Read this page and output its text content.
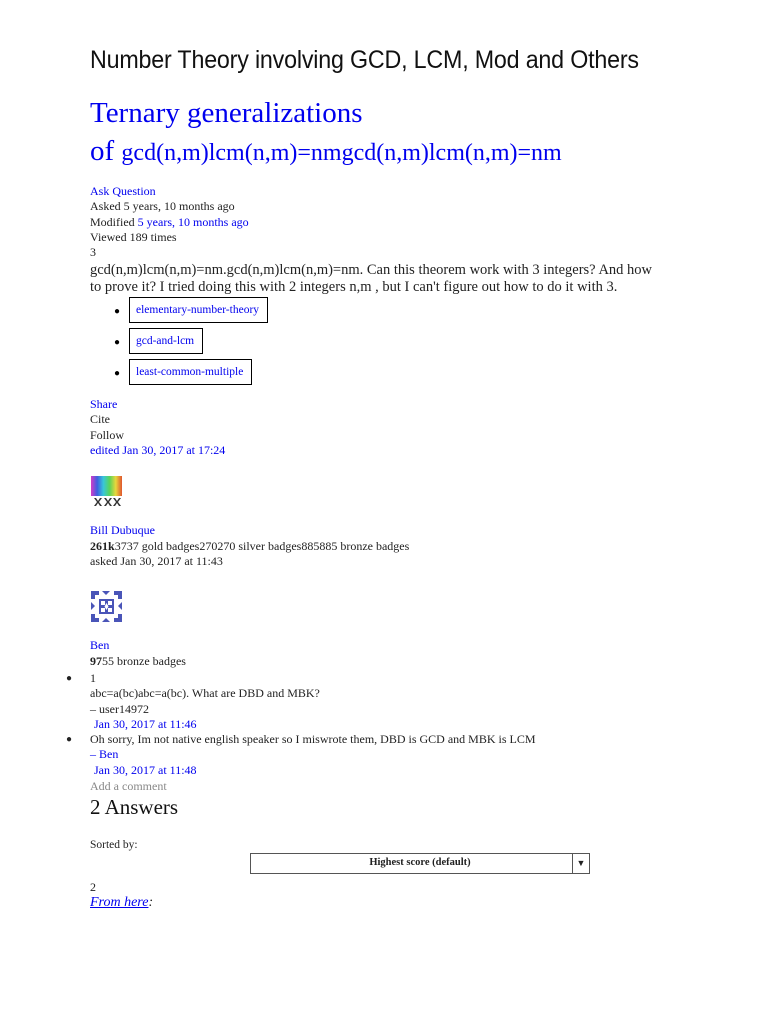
Number Theory involving GCD, LCM, Mod and Others
Ternary generalizations
of gcd(n,m)lcm(n,m)=nmgcd(n,m)lcm(n,m)=nm
Ask Question
Asked 5 years, 10 months ago
Modified 5 years, 10 months ago
Viewed 189 times
3
gcd(n,m)lcm(n,m)=nm.gcd(n,m)lcm(n,m)=nm. Can this theorem work with 3 integers? And how
to prove it? I tried doing this with 2 integers n,m , but I can't figure out how to do it with 3.
●	elementary-number-theory
●	gcd-and-lcm
●	least-common-multiple
Share
Cite
Follow
edited Jan 30, 2017 at 17:24
Bill Dubuque
261k3737 gold badges270270 silver badges885885 bronze badges
asked Jan 30, 2017 at 11:43
Ben
9755 bronze badges
● 1
abc=a(bc)abc=a(bc). What are DBD and MBK?
– user14972
Jan 30, 2017 at 11:46
● Oh sorry, Im not native english speaker so I miswrote them, DBD is GCD and MBK is LCM
– Ben
Jan 30, 2017 at 11:48
Add a comment
2 Answers
Sorted by:
Highest score (default)	▼
2
From here:
